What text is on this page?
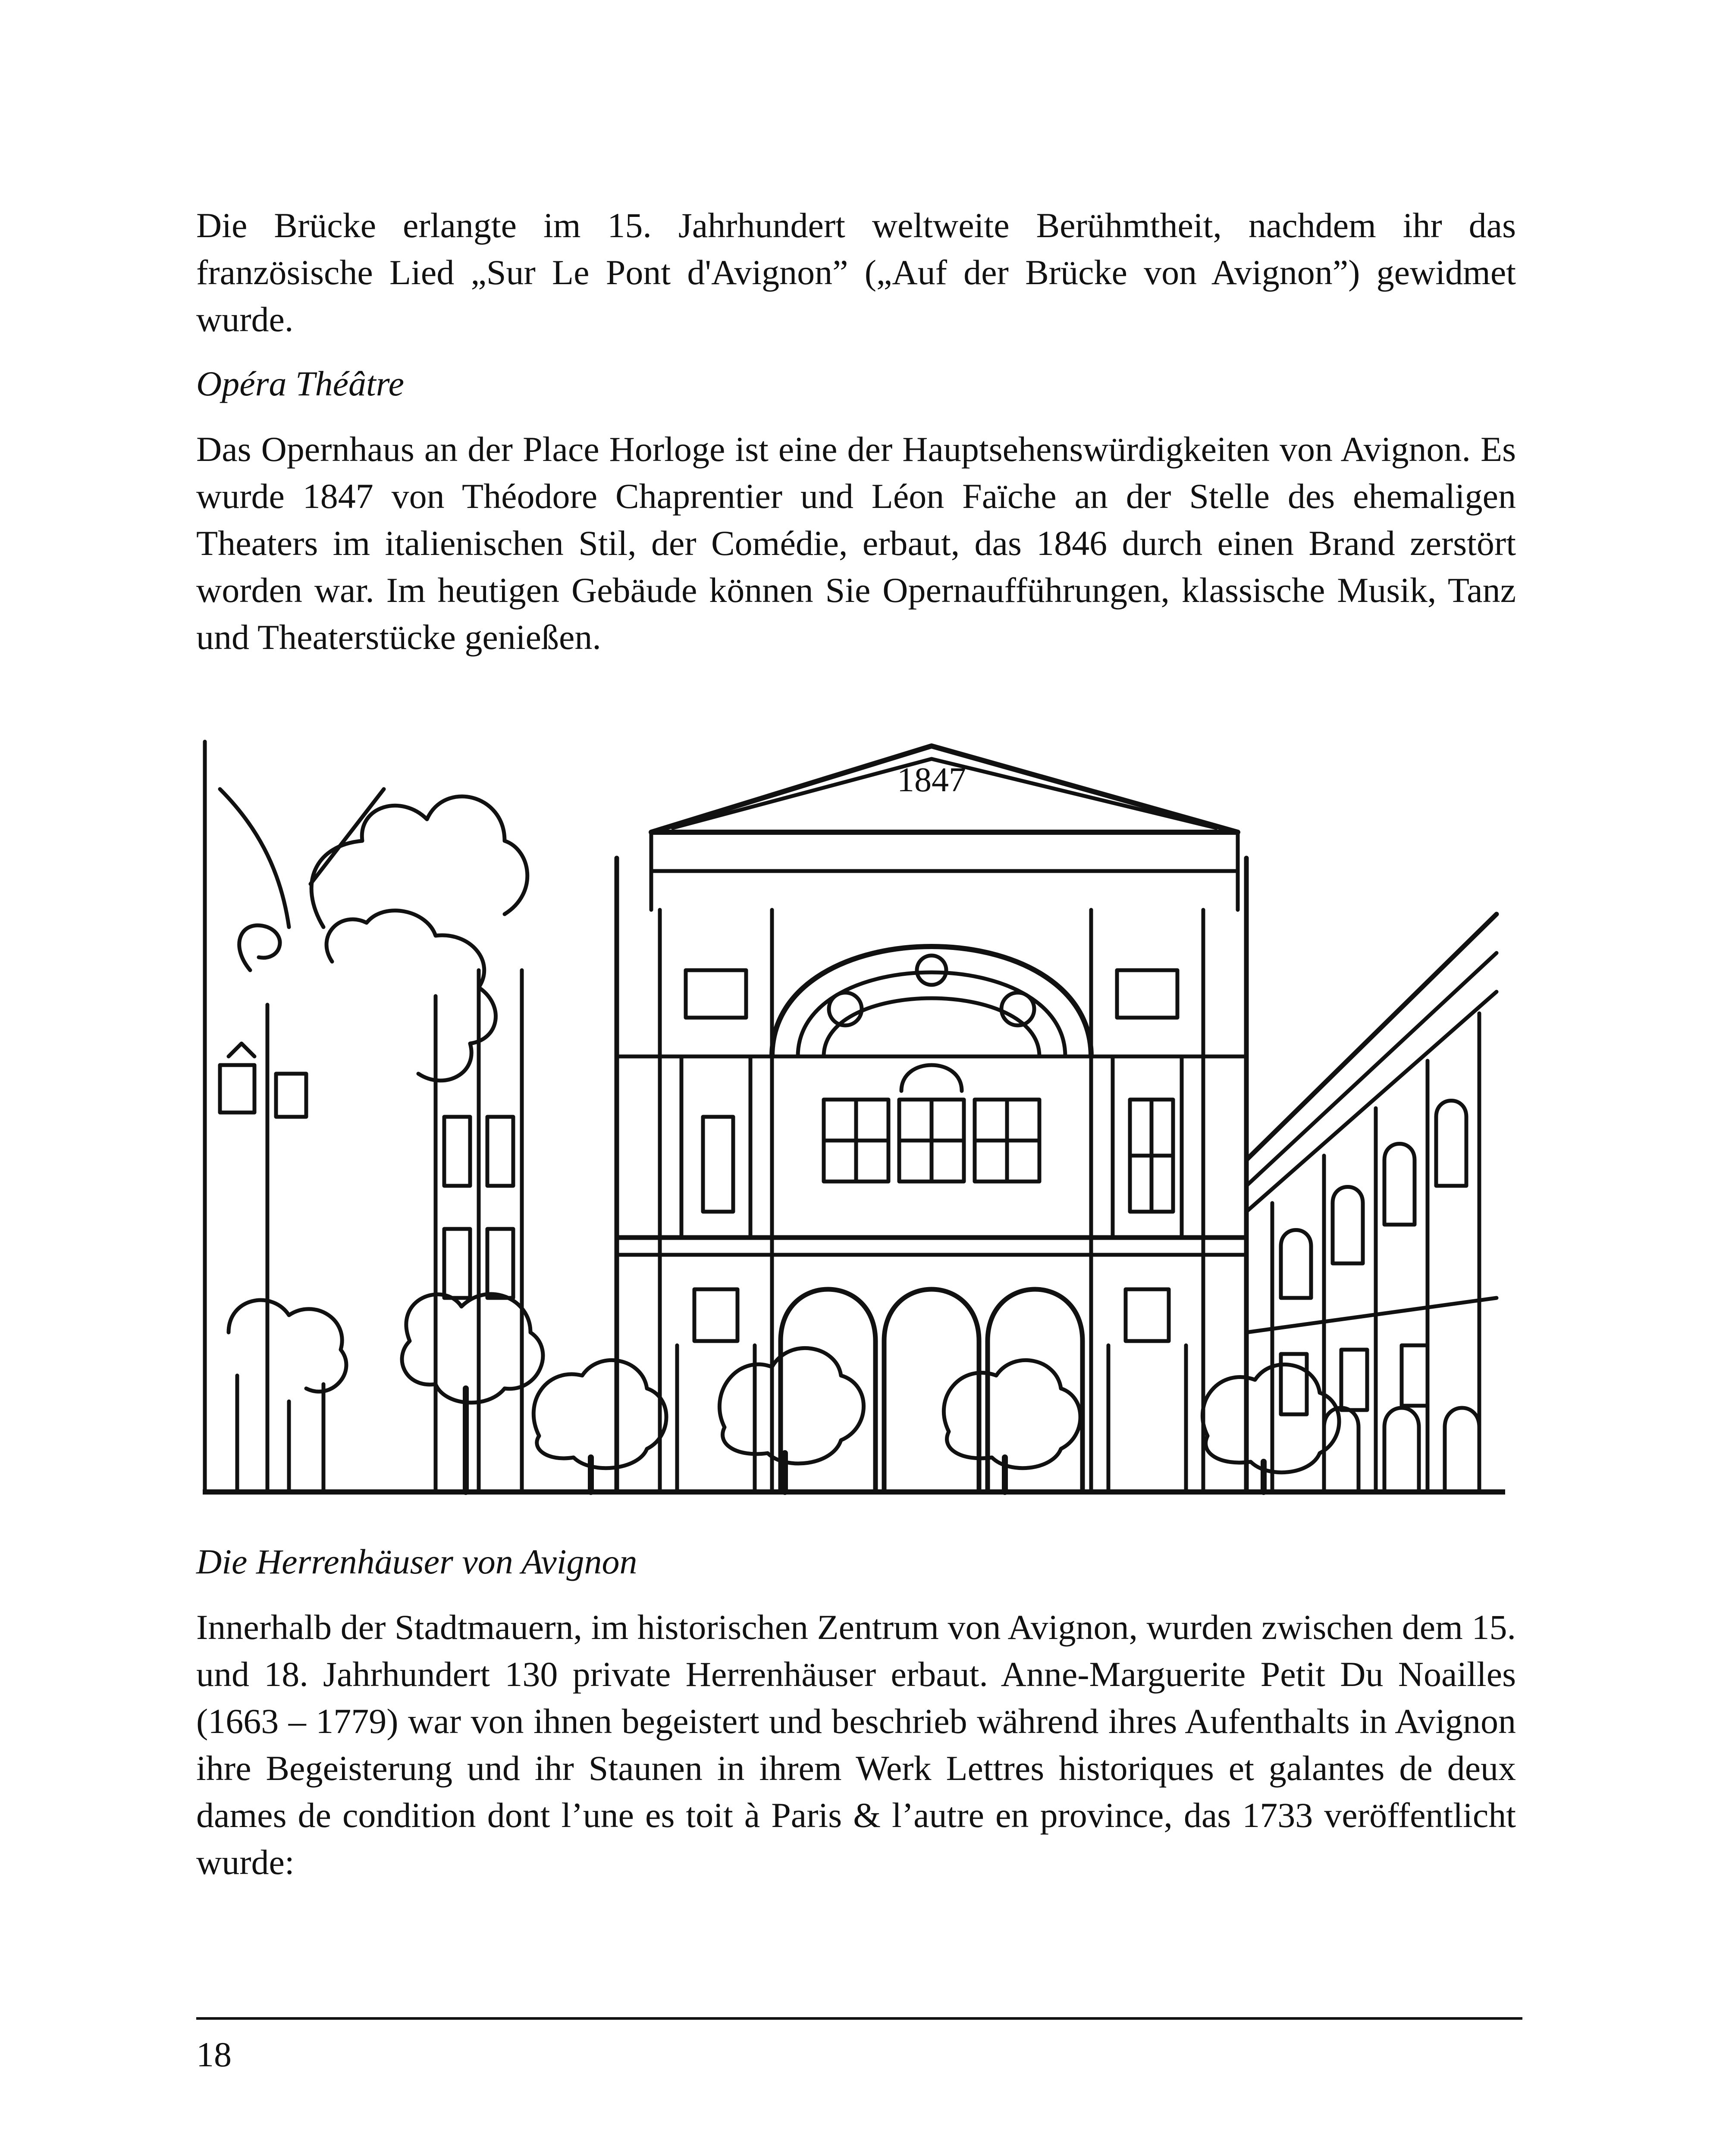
Die Brücke erlangte im 15. Jahrhundert weltweite Berühmtheit, nachdem ihr das französische Lied „Sur Le Pont d'Avignon” („Auf der Brücke von Avignon”) gewidmet wurde.

Opéra Théâtre

Das Opernhaus an der Place Horloge ist eine der Hauptsehenswürdigkeiten von Avignon. Es wurde 1847 von Théodore Chaprentier und Léon Faïche an der Stelle des ehemaligen Theaters im italienischen Stil, der Comédie, erbaut, das 1846 durch einen Brand zerstört worden war. Im heutigen Gebäude können Sie Opernaufführungen, klassische Musik, Tanz und Theaterstücke genießen.

1847

Die Herrenhäuser von Avignon

Innerhalb der Stadtmauern, im historischen Zentrum von Avignon, wurden zwischen dem 15. und 18. Jahrhundert 130 private Herrenhäuser erbaut. Anne-Marguerite Petit Du Noailles (1663 – 1779) war von ihnen begeistert und beschrieb während ihres Aufenthalts in Avignon ihre Begeisterung und ihr Staunen in ihrem Werk Lettres historiques et galantes de deux dames de condition dont l’une es toit à Paris & l’autre en province, das 1733 veröffentlicht wurde:

18
